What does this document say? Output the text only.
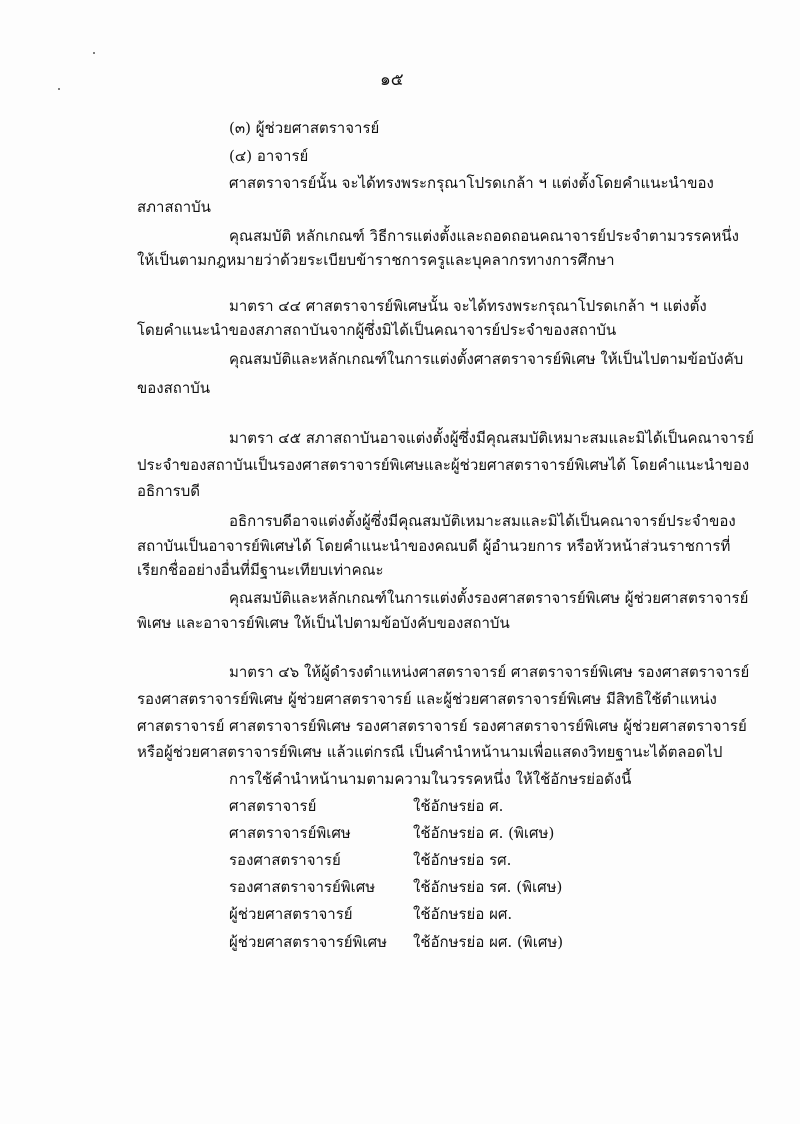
๑๕
(๓) ผู้ช่วยศาสตราจารย์
(๔) อาจารย์
ศาสตราจารย์นั้น จะได้ทรงพระกรุณาโปรดเกล้า ฯ แต่งตั้งโดยคำแนะนำของ
สภาสถาบัน
คุณสมบัติ หลักเกณฑ์ วิธีการแต่งตั้งและถอดถอนคณาจารย์ประจำตามวรรคหนึ่ง
ให้เป็นตามกฎหมายว่าด้วยระเบียบข้าราชการครูและบุคลากรทางการศึกษา
มาตรา ๔๔ ศาสตราจารย์พิเศษนั้น จะได้ทรงพระกรุณาโปรดเกล้า ฯ แต่งตั้ง
โดยคำแนะนำของสภาสถาบันจากผู้ซึ่งมิได้เป็นคณาจารย์ประจำของสถาบัน
คุณสมบัติและหลักเกณฑ์ในการแต่งตั้งศาสตราจารย์พิเศษ ให้เป็นไปตามข้อบังคับ
ของสถาบัน
มาตรา ๔๕ สภาสถาบันอาจแต่งตั้งผู้ซึ่งมีคุณสมบัติเหมาะสมและมิได้เป็นคณาจารย์
ประจำของสถาบันเป็นรองศาสตราจารย์พิเศษและผู้ช่วยศาสตราจารย์พิเศษได้ โดยคำแนะนำของ
อธิการบดี
อธิการบดีอาจแต่งตั้งผู้ซึ่งมีคุณสมบัติเหมาะสมและมิได้เป็นคณาจารย์ประจำของ
สถาบันเป็นอาจารย์พิเศษได้ โดยคำแนะนำของคณบดี ผู้อำนวยการ หรือหัวหน้าส่วนราชการที่
เรียกชื่ออย่างอื่นที่มีฐานะเทียบเท่าคณะ
คุณสมบัติและหลักเกณฑ์ในการแต่งตั้งรองศาสตราจารย์พิเศษ ผู้ช่วยศาสตราจารย์
พิเศษ และอาจารย์พิเศษ ให้เป็นไปตามข้อบังคับของสถาบัน
มาตรา ๔๖ ให้ผู้ดำรงตำแหน่งศาสตราจารย์ ศาสตราจารย์พิเศษ รองศาสตราจารย์
รองศาสตราจารย์พิเศษ ผู้ช่วยศาสตราจารย์ และผู้ช่วยศาสตราจารย์พิเศษ มีสิทธิใช้ตำแหน่ง
ศาสตราจารย์ ศาสตราจารย์พิเศษ รองศาสตราจารย์ รองศาสตราจารย์พิเศษ ผู้ช่วยศาสตราจารย์
หรือผู้ช่วยศาสตราจารย์พิเศษ แล้วแต่กรณี เป็นคำนำหน้านามเพื่อแสดงวิทยฐานะได้ตลอดไป
การใช้คำนำหน้านามตามความในวรรคหนึ่ง ให้ใช้อักษรย่อดังนี้
ศาสตราจารย์	ใช้อักษรย่อ ศ.
ศาสตราจารย์พิเศษ	ใช้อักษรย่อ ศ. (พิเศษ)
รองศาสตราจารย์	ใช้อักษรย่อ รศ.
รองศาสตราจารย์พิเศษ	ใช้อักษรย่อ รศ. (พิเศษ)
ผู้ช่วยศาสตราจารย์	ใช้อักษรย่อ ผศ.
ผู้ช่วยศาสตราจารย์พิเศษ ใช้อักษรย่อ ผศ. (พิเศษ)
